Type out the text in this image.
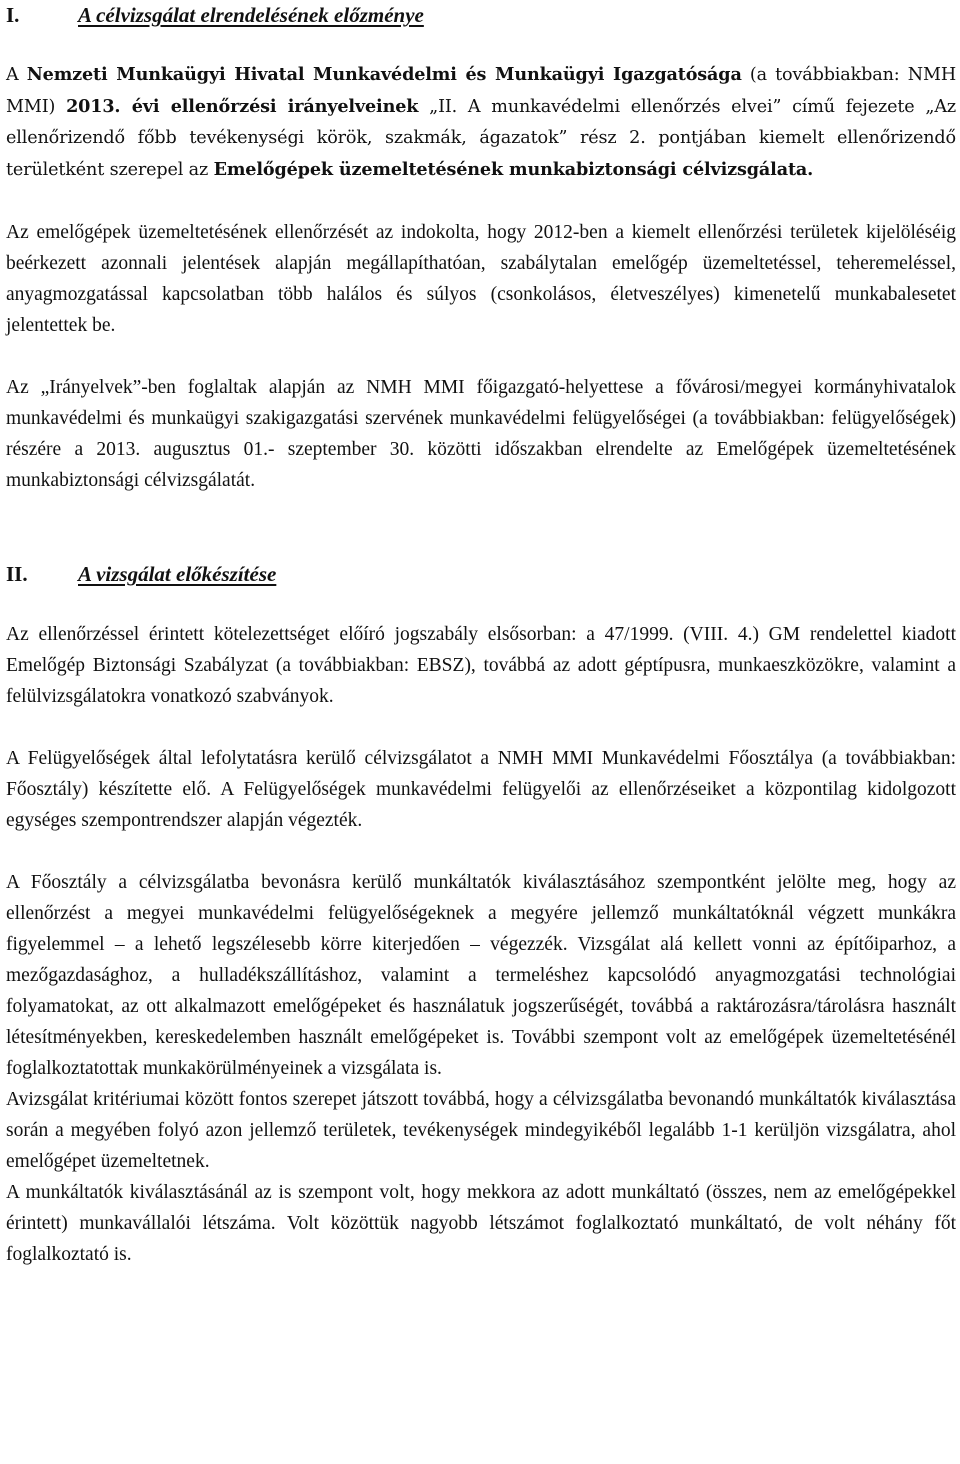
I.	A célvizsgálat elrendelésének előzménye

A Nemzeti Munkaügyi Hivatal Munkavédelmi és Munkaügyi Igazgatósága (a továbbiakban: NMH MMI) 2013. évi ellenőrzési irányelveinek „II. A munkavédelmi ellenőrzés elvei” című fejezete „Az ellenőrizendő főbb tevékenységi körök, szakmák, ágazatok” rész 2. pontjában kiemelt ellenőrizendő területként szerepel az Emelőgépek üzemeltetésének munkabiztonsági célvizsgálata.

Az emelőgépek üzemeltetésének ellenőrzését az indokolta, hogy 2012-ben a kiemelt ellenőrzési területek kijelöléséig beérkezett azonnali jelentések alapján megállapíthatóan, szabálytalan emelőgép üzemeltetéssel, teheremeléssel, anyagmozgatással kapcsolatban több halálos és súlyos (csonkolásos, életveszélyes) kimenetelű munkabalesetet jelentettek be.

Az „Irányelvek”-ben foglaltak alapján az NMH MMI főigazgató-helyettese a fővárosi/megyei kormányhivatalok munkavédelmi és munkaügyi szakigazgatási szervének munkavédelmi felügyelőségei (a továbbiakban: felügyelőségek) részére a 2013. augusztus 01.- szeptember 30. közötti időszakban elrendelte az Emelőgépek üzemeltetésének munkabiztonsági célvizsgálatát.

II.	A vizsgálat előkészítése

Az ellenőrzéssel érintett kötelezettséget előíró jogszabály elsősorban: a 47/1999. (VIII. 4.) GM rendelettel kiadott Emelőgép Biztonsági Szabályzat (a továbbiakban: EBSZ), továbbá az adott géptípusra, munkaeszközökre, valamint a felülvizsgálatokra vonatkozó szabványok.

A Felügyelőségek által lefolytatásra kerülő célvizsgálatot a NMH MMI Munkavédelmi Főosztálya (a továbbiakban: Főosztály) készítette elő. A Felügyelőségek munkavédelmi felügyelői az ellenőrzéseiket a központilag kidolgozott egységes szempontrendszer alapján végezték.

A Főosztály a célvizsgálatba bevonásra kerülő munkáltatók kiválasztásához szempontként jelölte meg, hogy az ellenőrzést a megyei munkavédelmi felügyelőségeknek a megyére jellemző munkáltatóknál végzett munkákra figyelemmel – a lehető legszélesebb körre kiterjedően – végezzék. Vizsgálat alá kellett vonni az építőiparhoz, a mezőgazdasághoz, a hulladékszállításhoz, valamint a termeléshez kapcsolódó anyagmozgatási technológiai folyamatokat, az ott alkalmazott emelőgépeket és használatuk jogszerűségét, továbbá a raktározásra/tárolásra használt létesítményekben, kereskedelemben használt emelőgépeket is. További szempont volt az emelőgépek üzemeltetésénél foglalkoztatottak munkakörülményeinek a vizsgálata is.

Avizsgálat kritériumai között fontos szerepet játszott továbbá, hogy a célvizsgálatba bevonandó munkáltatók kiválasztása során a megyében folyó azon jellemző területek, tevékenységek mindegyikéből legalább 1-1 kerüljön vizsgálatra, ahol emelőgépet üzemeltetnek.

A munkáltatók kiválasztásánál az is szempont volt, hogy mekkora az adott munkáltató (összes, nem az emelőgépekkel érintett) munkavállalói létszáma. Volt közöttük nagyobb létszámot foglalkoztató munkáltató, de volt néhány főt foglalkoztató is.
